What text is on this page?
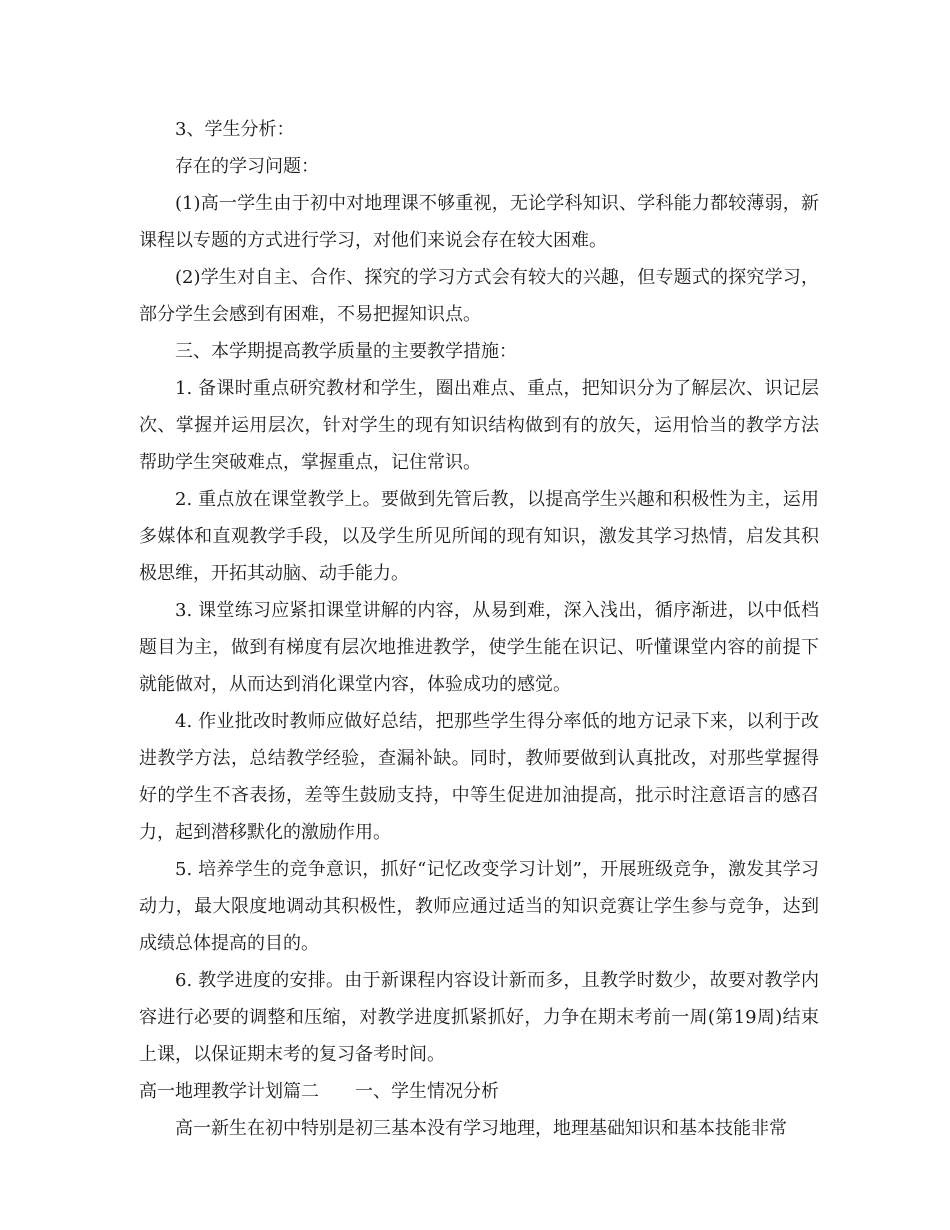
3、学生分析：

存在的学习问题：

(1)高一学生由于初中对地理课不够重视，无论学科知识、学科能力都较薄弱，新课程以专题的方式进行学习，对他们来说会存在较大困难。

(2)学生对自主、合作、探究的学习方式会有较大的兴趣，但专题式的探究学习，部分学生会感到有困难，不易把握知识点。

三、本学期提高教学质量的主要教学措施：

1. 备课时重点研究教材和学生，圈出难点、重点，把知识分为了解层次、识记层次、掌握并运用层次，针对学生的现有知识结构做到有的放矢，运用恰当的教学方法帮助学生突破难点，掌握重点，记住常识。

2. 重点放在课堂教学上。要做到先管后教，以提高学生兴趣和积极性为主，运用多媒体和直观教学手段，以及学生所见所闻的现有知识，激发其学习热情，启发其积极思维，开拓其动脑、动手能力。

3. 课堂练习应紧扣课堂讲解的内容，从易到难，深入浅出，循序渐进，以中低档题目为主，做到有梯度有层次地推进教学，使学生能在识记、听懂课堂内容的前提下就能做对，从而达到消化课堂内容，体验成功的感觉。

4. 作业批改时教师应做好总结，把那些学生得分率低的地方记录下来，以利于改进教学方法，总结教学经验，查漏补缺。同时，教师要做到认真批改，对那些掌握得好的学生不吝表扬，差等生鼓励支持，中等生促进加油提高，批示时注意语言的感召力，起到潜移默化的激励作用。

5. 培养学生的竞争意识，抓好“记忆改变学习计划”，开展班级竞争，激发其学习动力，最大限度地调动其积极性，教师应通过适当的知识竞赛让学生参与竞争，达到成绩总体提高的目的。

6. 教学进度的安排。由于新课程内容设计新而多，且教学时数少，故要对教学内容进行必要的调整和压缩，对教学进度抓紧抓好，力争在期末考前一周(第19周)结束上课，以保证期末考的复习备考时间。

高一地理教学计划篇二　　一、学生情况分析

高一新生在初中特别是初三基本没有学习地理，地理基础知识和基本技能非常
